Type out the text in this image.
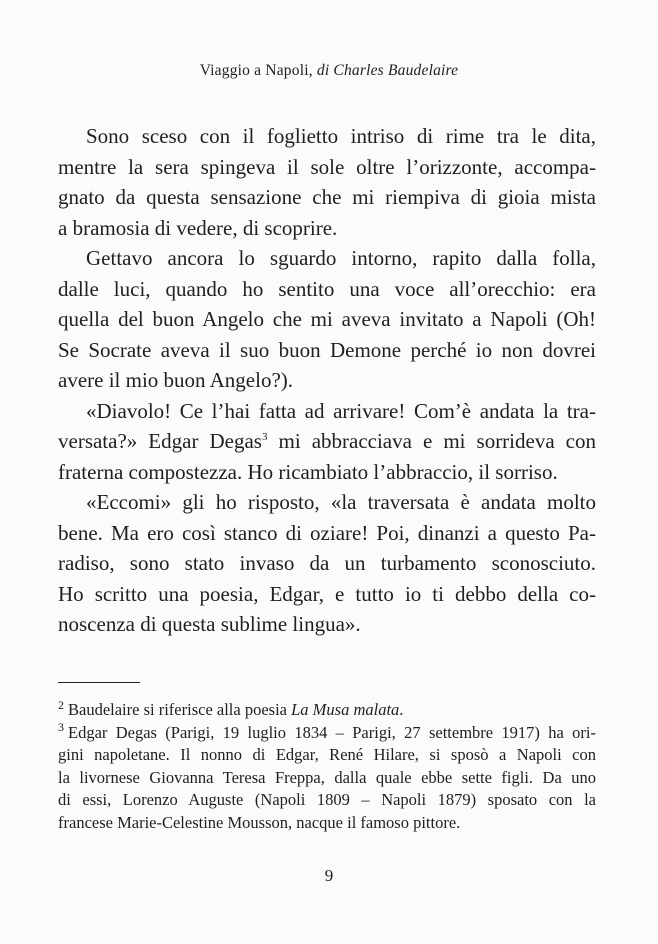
Viaggio a Napoli, di Charles Baudelaire
Sono sceso con il foglietto intriso di rime tra le dita,
mentre la sera spingeva il sole oltre l’orizzonte, accompa-
gnato da questa sensazione che mi riempiva di gioia mista
a bramosia di vedere, di scoprire.
Gettavo ancora lo sguardo intorno, rapito dalla folla,
dalle luci, quando ho sentito una voce all’orecchio: era
quella del buon Angelo che mi aveva invitato a Napoli (Oh!
Se Socrate aveva il suo buon Demone perché io non dovrei
avere il mio buon Angelo?).
«Diavolo! Ce l’hai fatta ad arrivare! Com’è andata la tra-
versata?» Edgar Degas$^3$ mi abbracciava e mi sorrideva con
fraterna compostezza. Ho ricambiato l’abbraccio, il sorriso.
«Eccomi» gli ho risposto, «la traversata è andata molto
bene. Ma ero così stanco di oziare! Poi, dinanzi a questo Pa-
radiso, sono stato invaso da un turbamento sconosciuto.
Ho scritto una poesia, Edgar, e tutto io ti debbo della co-
noscenza di questa sublime lingua».
$^2$ Baudelaire si riferisce alla poesia La Musa malata.
$^3$ Edgar Degas (Parigi, 19 luglio 1834 – Parigi, 27 settembre 1917) ha ori-
gini napoletane. Il nonno di Edgar, René Hilare, si sposò a Napoli con
la livornese Giovanna Teresa Freppa, dalla quale ebbe sette figli. Da uno
di essi, Lorenzo Auguste (Napoli 1809 – Napoli 1879) sposato con la
francese Marie-Celestine Mousson, nacque il famoso pittore.
9
